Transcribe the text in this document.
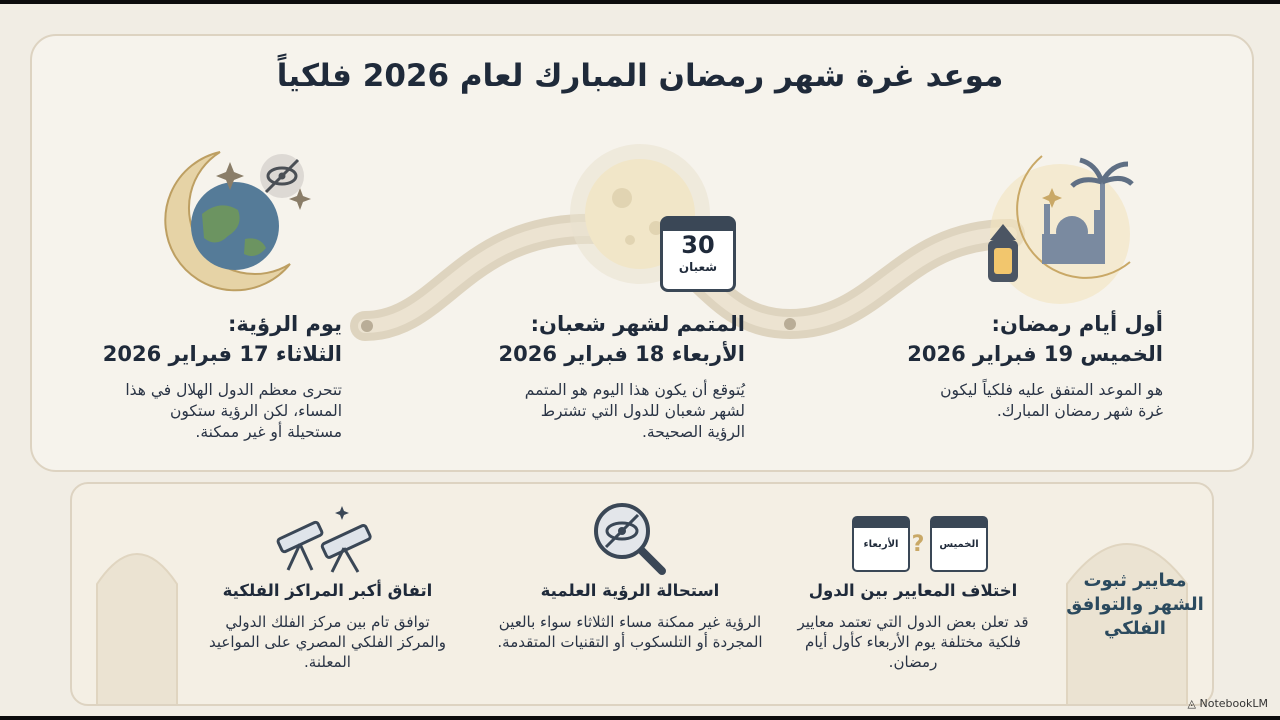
موعد غرة شهر رمضان المبارك لعام 2026 فلكياً
30
شعبان
يوم الرؤية:
الثلاثاء 17 فبراير 2026
تتحرى معظم الدول الهلال في هذا المساء، لكن الرؤية ستكون مستحيلة أو غير ممكنة.
المتمم لشهر شعبان:
الأربعاء 18 فبراير 2026
يُتوقع أن يكون هذا اليوم هو المتمم لشهر شعبان للدول التي تشترط الرؤية الصحيحة.
أول أيام رمضان:
الخميس 19 فبراير 2026
هو الموعد المتفق عليه فلكياً ليكون غرة شهر رمضان المبارك.
الأربعاء ?	الخميس
اتفاق أكبر المراكز الفلكية
توافق تام بين مركز الفلك الدولي والمركز الفلكي المصري على المواعيد المعلنة.
استحالة الرؤية العلمية
الرؤية غير ممكنة مساء الثلاثاء سواء بالعين المجردة أو التلسكوب أو التقنيات المتقدمة.
اختلاف المعايير بين الدول
قد تعلن بعض الدول التي تعتمد معايير فلكية مختلفة يوم الأربعاء كأول أيام رمضان.
معايير ثبوت الشهر والتوافق الفلكي
◬ NotebookLM
